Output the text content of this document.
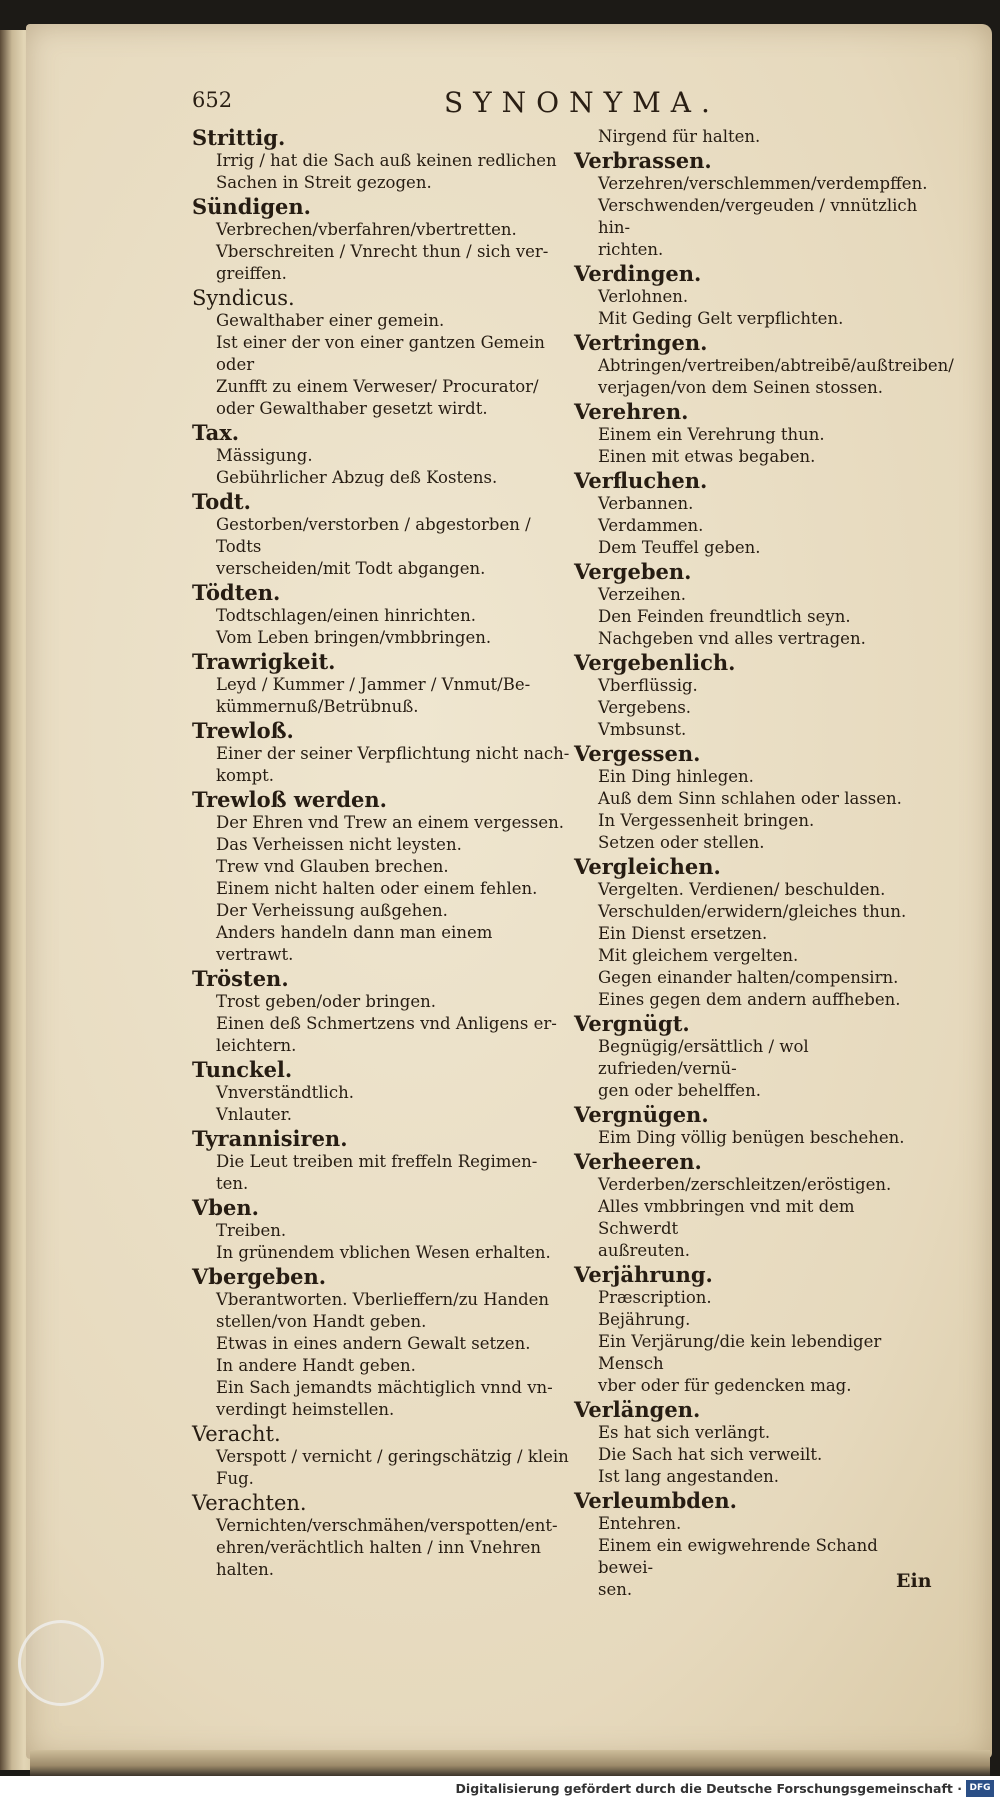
652	SYNONYMA.
Strittig.
Irrig / hat die Sach auß keinen redlichen
Sachen in Streit gezogen.
Sündigen.
Verbrechen/vberfahren/vbertretten.
Vberschreiten / Vnrecht thun / sich ver-
greiffen.
Syndicus.
Gewalthaber einer gemein.
Ist einer der von einer gantzen Gemein oder
Zunfft zu einem Verweser/ Procurator/
oder Gewalthaber gesetzt wirdt.
Tax.
Mässigung.
Gebührlicher Abzug deß Kostens.
Todt.
Gestorben/verstorben / abgestorben / Todts
verscheiden/mit Todt abgangen.
Tödten.
Todtschlagen/einen hinrichten.
Vom Leben bringen/vmbbringen.
Trawrigkeit.
Leyd / Kummer / Jammer / Vnmut/Be-
kümmernuß/Betrübnuß.
Trewloß.
Einer der seiner Verpflichtung nicht nach-
kompt.
Trewloß werden.
Der Ehren vnd Trew an einem vergessen.
Das Verheissen nicht leysten.
Trew vnd Glauben brechen.
Einem nicht halten oder einem fehlen.
Der Verheissung außgehen.
Anders handeln dann man einem vertrawt.
Trösten.
Trost geben/oder bringen.
Einen deß Schmertzens vnd Anligens er-
leichtern.
Tunckel.
Vnverständtlich.
Vnlauter.
Tyrannisiren.
Die Leut treiben mit freffeln Regimen-
ten.
Vben.
Treiben.
In grünendem vblichen Wesen erhalten.
Vbergeben.
Vberantworten. Vberlieffern/zu Handen
stellen/von Handt geben.
Etwas in eines andern Gewalt setzen.
In andere Handt geben.
Ein Sach jemandts mächtiglich vnnd vn-
verdingt heimstellen.
Veracht.
Verspott / vernicht / geringschätzig / klein
Fug.
Verachten.
Vernichten/verschmähen/verspotten/ent-
ehren/verächtlich halten / inn Vnehren
halten.
Nirgend für halten.
Verbrassen.
Verzehren/verschlemmen/verdempffen.
Verschwenden/vergeuden / vnnützlich hin-
richten.
Verdingen.
Verlohnen.
Mit Geding Gelt verpflichten.
Vertringen.
Abtringen/vertreiben/abtreibē/außtreiben/
verjagen/von dem Seinen stossen.
Verehren.
Einem ein Verehrung thun.
Einen mit etwas begaben.
Verfluchen.
Verbannen.
Verdammen.
Dem Teuffel geben.
Vergeben.
Verzeihen.
Den Feinden freundtlich seyn.
Nachgeben vnd alles vertragen.
Vergebenlich.
Vberflüssig.
Vergebens.
Vmbsunst.
Vergessen.
Ein Ding hinlegen.
Auß dem Sinn schlahen oder lassen.
In Vergessenheit bringen.
Setzen oder stellen.
Vergleichen.
Vergelten. Verdienen/ beschulden.
Verschulden/erwidern/gleiches thun.
Ein Dienst ersetzen.
Mit gleichem vergelten.
Gegen einander halten/compensirn.
Eines gegen dem andern auffheben.
Vergnügt.
Begnügig/ersättlich / wol zufrieden/vernü-
gen oder behelffen.
Vergnügen.
Eim Ding völlig benügen beschehen.
Verheeren.
Verderben/zerschleitzen/eröstigen.
Alles vmbbringen vnd mit dem Schwerdt
außreuten.
Verjährung.
Præscription.
Bejährung.
Ein Verjärung/die kein lebendiger Mensch
vber oder für gedencken mag.
Verlängen.
Es hat sich verlängt.
Die Sach hat sich verweilt.
Ist lang angestanden.
Verleumbden.
Entehren.
Einem ein ewigwehrende Schand bewei-
sen.	Ein
Digitalisierung gefördert durch die Deutsche Forschungsgemeinschaft · DFG
